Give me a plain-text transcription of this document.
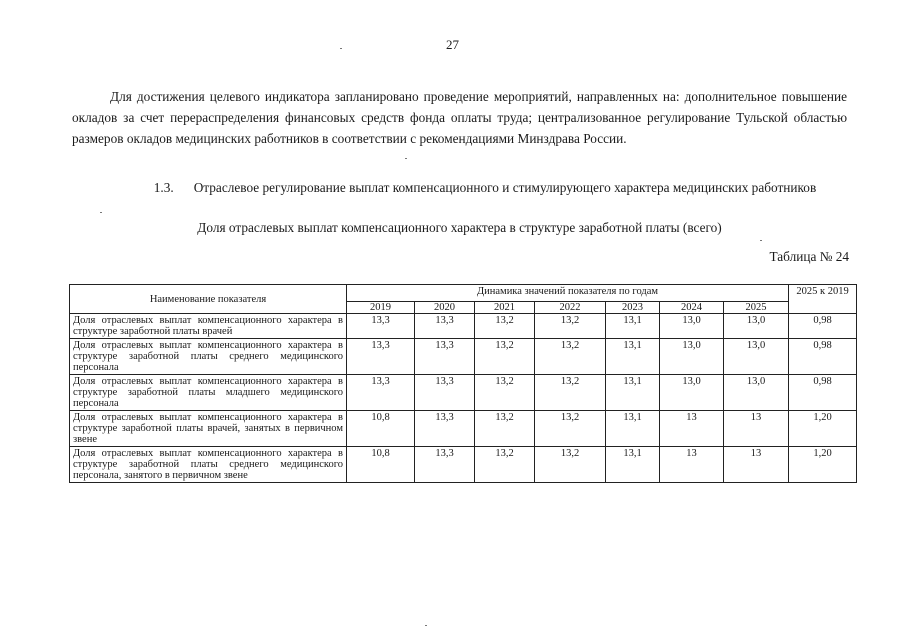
27

Для достижения целевого индикатора запланировано проведение мероприятий, направленных на: дополнительное повышение окладов за счет перераспределения финансовых средств фонда оплаты труда; централизованное регулирование Тульской областью размеров окладов медицинских работников в соответствии с рекомендациями Минздрава России.

1.3. Отраслевое регулирование выплат компенсационного и стимулирующего характера медицинских работников
Доля отраслевых выплат компенсационного характера в структуре заработной платы (всего)
Таблица № 24
Наименование показателя	Динамика значений показателя по годам							2025 к 2019
	2019	2020	2021	2022	2023	2024	2025	
Доля отраслевых выплат компенсационного характера в структуре заработной платы врачей	13,3	13,3	13,2	13,2	13,1	13,0	13,0	0,98
Доля отраслевых выплат компенсационного характера в структуре заработной платы среднего медицинского персонала	13,3	13,3	13,2	13,2	13,1	13,0	13,0	0,98
Доля отраслевых выплат компенсационного характера в структуре заработной платы младшего медицинского персонала	13,3	13,3	13,2	13,2	13,1	13,0	13,0	0,98
Доля отраслевых выплат компенсационного характера в структуре заработной платы врачей, занятых в первичном звене	10,8	13,3	13,2	13,2	13,1	13	13	1,20
Доля отраслевых выплат компенсационного характера в структуре заработной платы среднего медицинского персонала, занятого в первичном звене	10,8	13,3	13,2	13,2	13,1	13	13	1,20
